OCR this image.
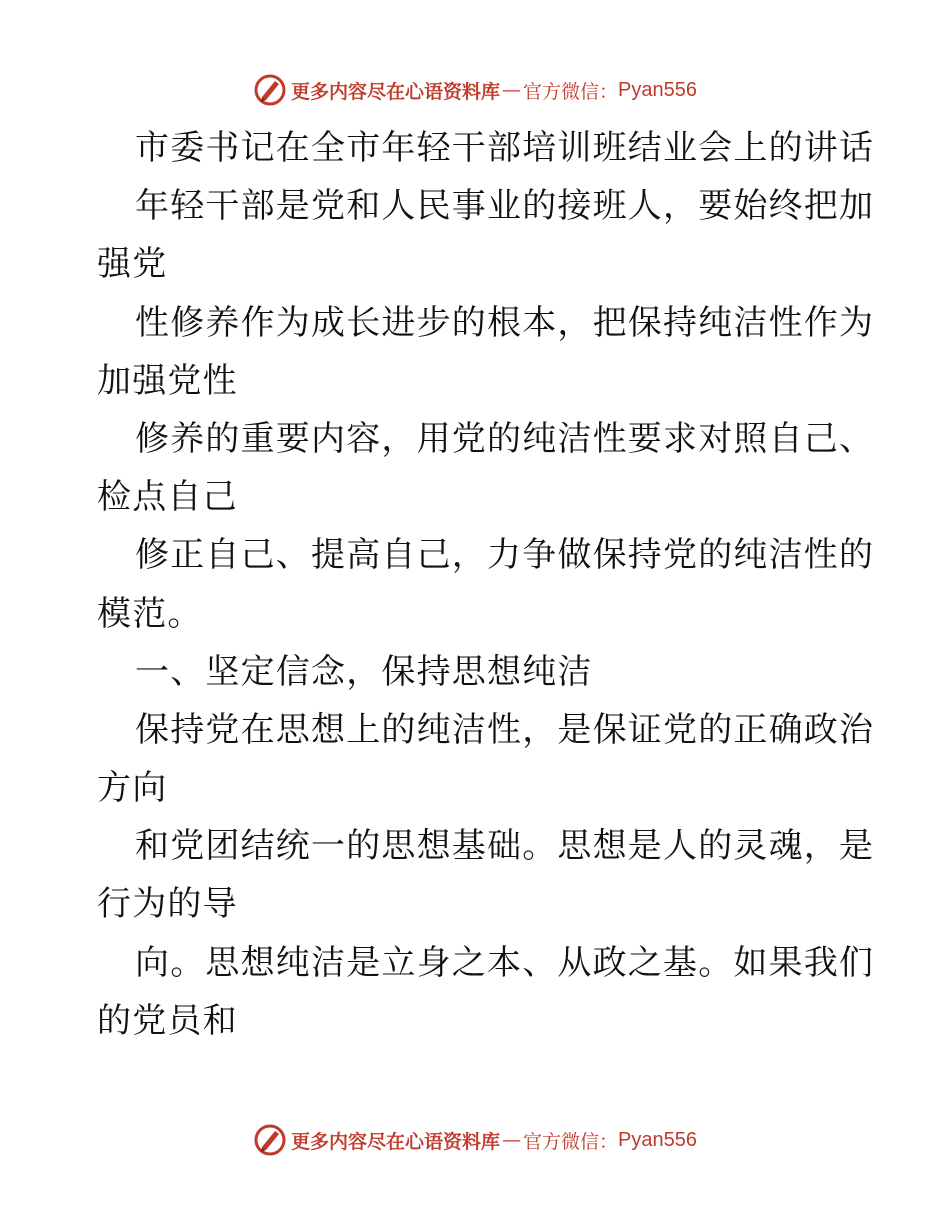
更多内容尽在心语资料库 — 官方微信： Pyan556
市委书记在全市年轻干部培训班结业会上的讲话
年轻干部是党和人民事业的接班人，要始终把加
强党
性修养作为成长进步的根本，把保持纯洁性作为
加强党性
修养的重要内容，用党的纯洁性要求对照自己、
检点自己
修正自己、提高自己，力争做保持党的纯洁性的
模范。
一、坚定信念，保持思想纯洁
保持党在思想上的纯洁性，是保证党的正确政治
方向
和党团结统一的思想基础。思想是人的灵魂，是
行为的导
向。思想纯洁是立身之本、从政之基。如果我们
的党员和
更多内容尽在心语资料库 — 官方微信： Pyan556
